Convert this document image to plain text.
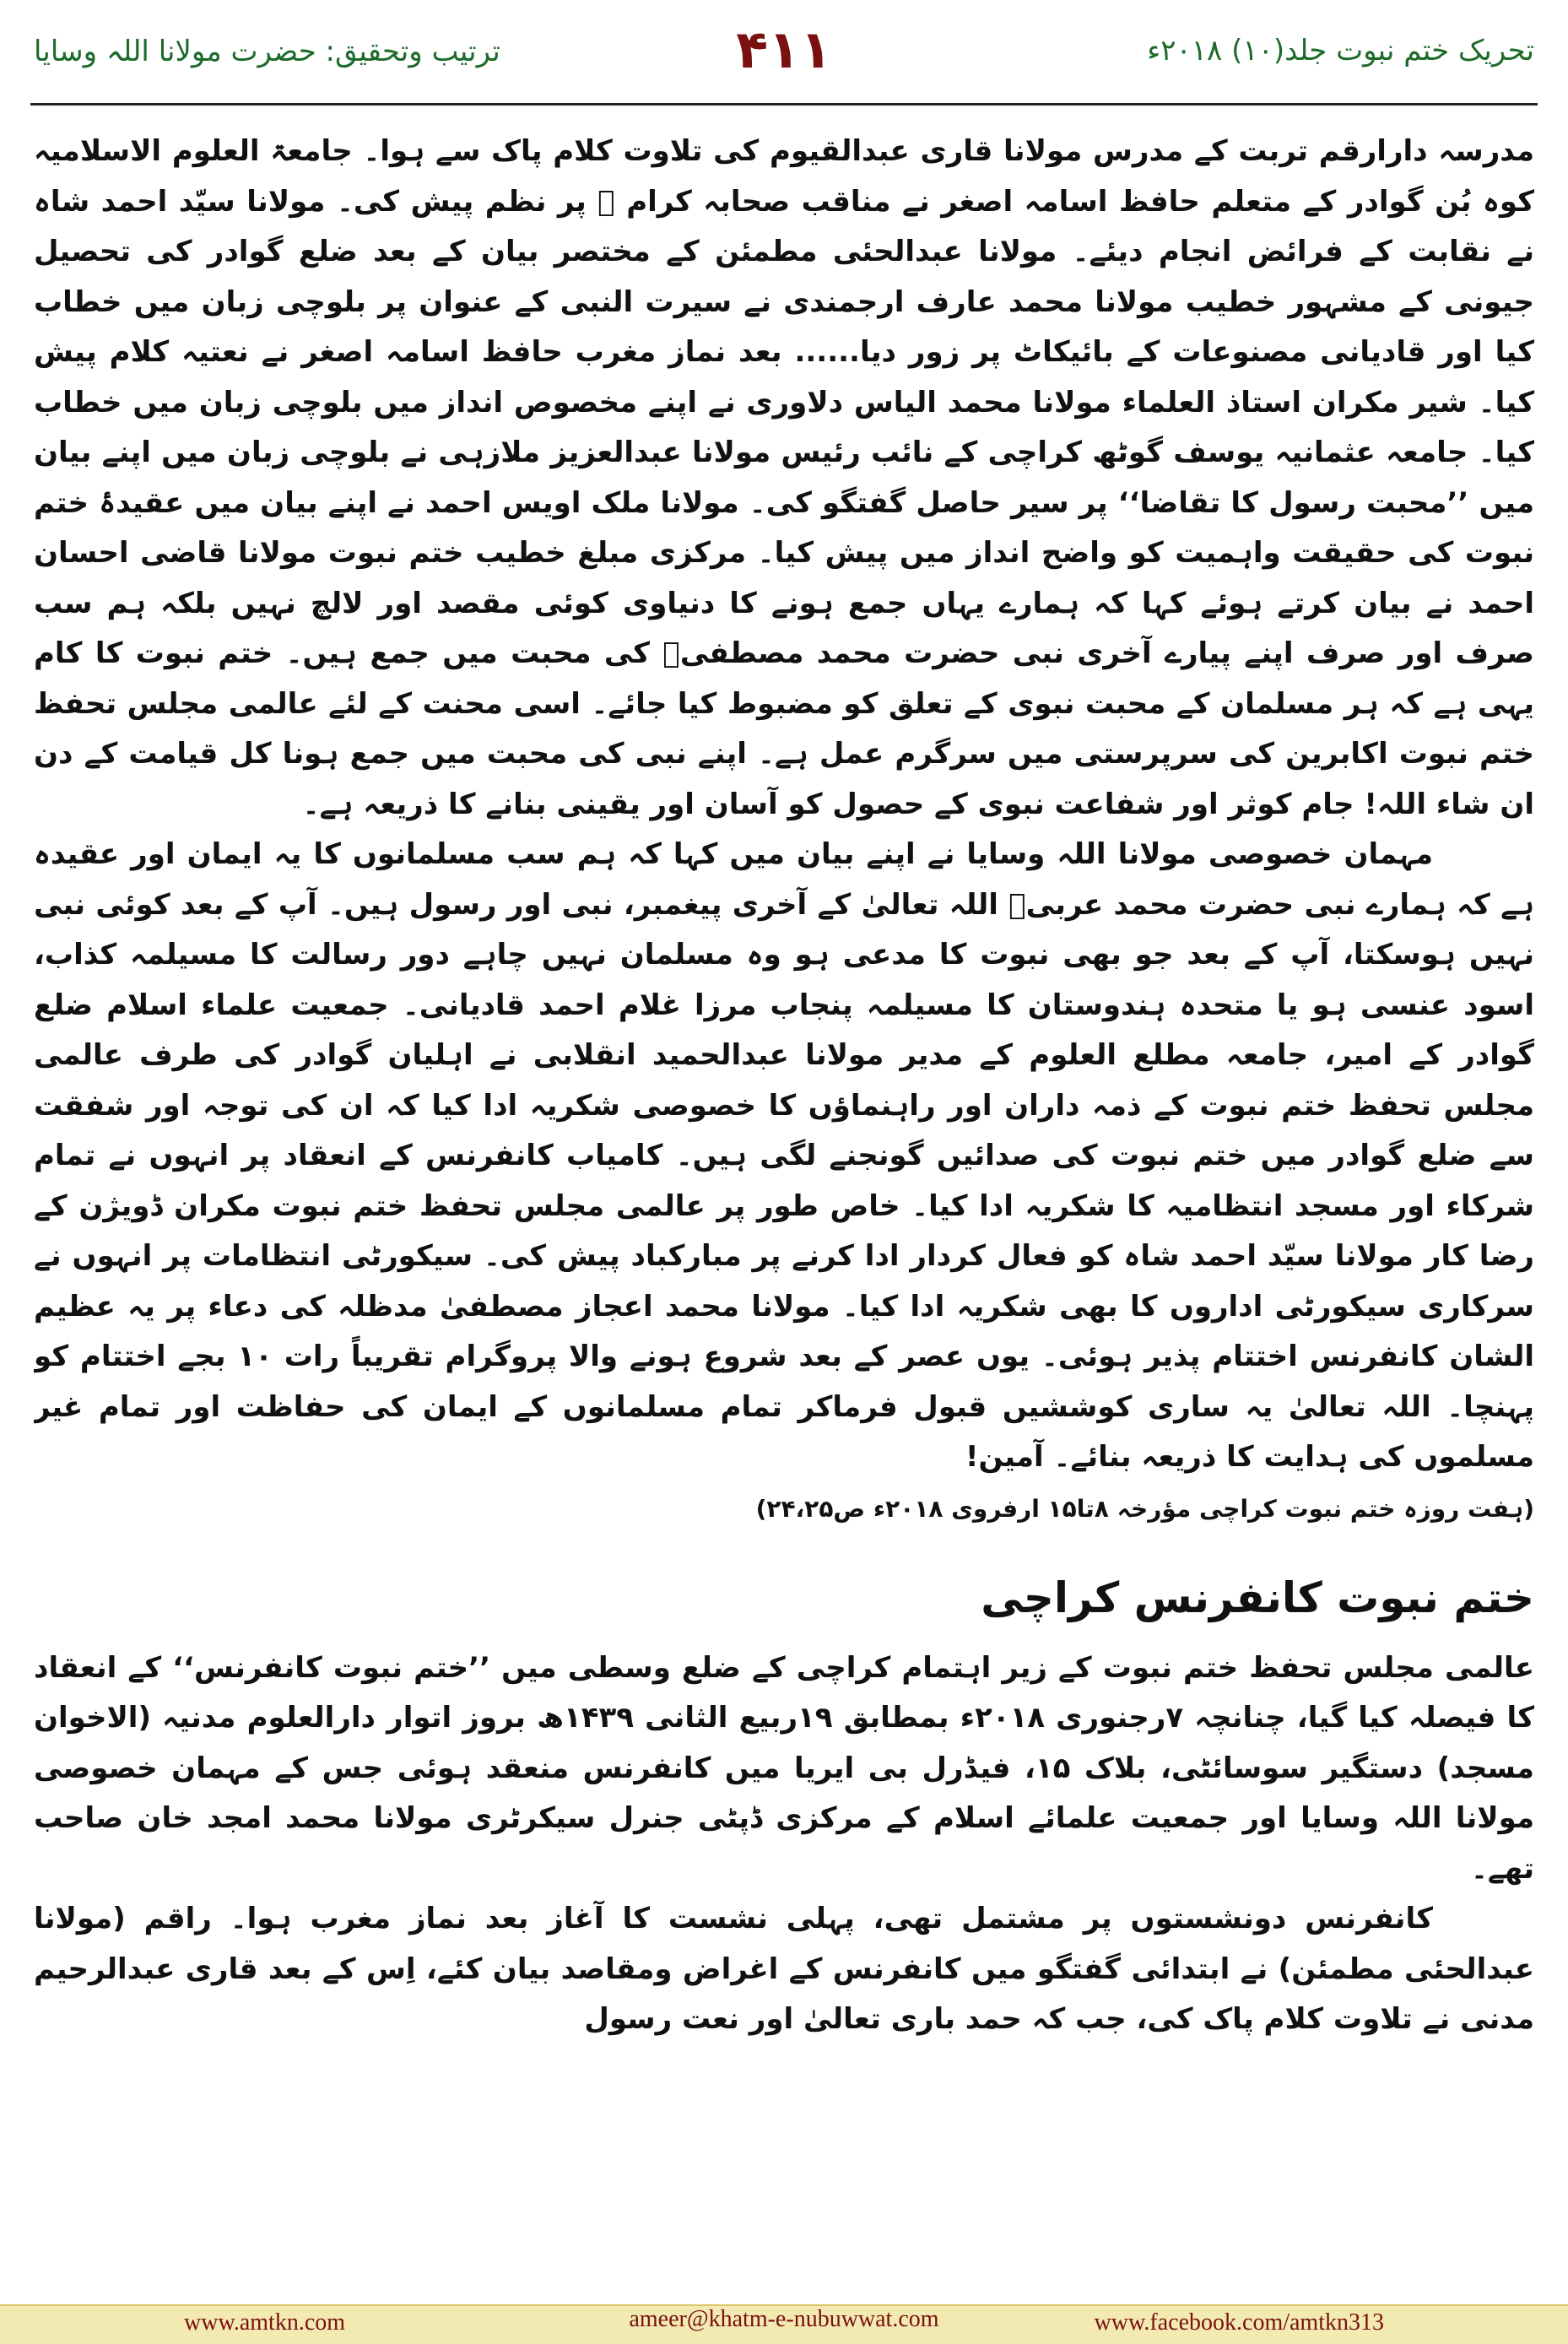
ترتیب وتحقیق: حضرت مولانا اللہ وسایا	۴۱۱	تحریک ختم نبوت جلد(۱۰) ۲۰۱۸ء

مدرسہ دارارقم تربت کے مدرس مولانا قاری عبدالقیوم کی تلاوت کلام پاک سے ہوا۔ جامعۃ العلوم الاسلامیہ کوہ بُن گوادر کے متعلم حافظ اسامہ اصغر نے مناقب صحابہ کرام ؓ پر نظم پیش کی۔ مولانا سیّد احمد شاہ نے نقابت کے فرائض انجام دیئے۔ مولانا عبدالحئی مطمئن کے مختصر بیان کے بعد ضلع گوادر کی تحصیل جیونی کے مشہور خطیب مولانا محمد عارف ارجمندی نے سیرت النبی کے عنوان پر بلوچی زبان میں خطاب کیا اور قادیانی مصنوعات کے بائیکاٹ پر زور دیا...... بعد نماز مغرب حافظ اسامہ اصغر نے نعتیہ کلام پیش کیا۔ شیر مکران استاذ العلماء مولانا محمد الیاس دلاوری نے اپنے مخصوص انداز میں بلوچی زبان میں خطاب کیا۔ جامعہ عثمانیہ یوسف گوٹھ کراچی کے نائب رئیس مولانا عبدالعزیز ملازہی نے بلوچی زبان میں اپنے بیان میں ’’محبت رسول کا تقاضا‘‘ پر سیر حاصل گفتگو کی۔ مولانا ملک اویس احمد نے اپنے بیان میں عقیدۂ ختم نبوت کی حقیقت واہمیت کو واضح انداز میں پیش کیا۔ مرکزی مبلغ خطیب ختم نبوت مولانا قاضی احسان احمد نے بیان کرتے ہوئے کہا کہ ہمارے یہاں جمع ہونے کا دنیاوی کوئی مقصد اور لالچ نہیں بلکہ ہم سب صرف اور صرف اپنے پیارے آخری نبی حضرت محمد مصطفیؐ کی محبت میں جمع ہیں۔ ختم نبوت کا کام یہی ہے کہ ہر مسلمان کے محبت نبوی کے تعلق کو مضبوط کیا جائے۔ اسی محنت کے لئے عالمی مجلس تحفظ ختم نبوت اکابرین کی سرپرستی میں سرگرم عمل ہے۔ اپنے نبی کی محبت میں جمع ہونا کل قیامت کے دن ان شاء اللہ! جام کوثر اور شفاعت نبوی کے حصول کو آسان اور یقینی بنانے کا ذریعہ ہے۔

مہمان خصوصی مولانا اللہ وسایا نے اپنے بیان میں کہا کہ ہم سب مسلمانوں کا یہ ایمان اور عقیدہ ہے کہ ہمارے نبی حضرت محمد عربیؐ اللہ تعالیٰ کے آخری پیغمبر، نبی اور رسول ہیں۔ آپ کے بعد کوئی نبی نہیں ہوسکتا، آپ کے بعد جو بھی نبوت کا مدعی ہو وہ مسلمان نہیں چاہے دور رسالت کا مسیلمہ کذاب، اسود عنسی ہو یا متحدہ ہندوستان کا مسیلمہ پنجاب مرزا غلام احمد قادیانی۔ جمعیت علماء اسلام ضلع گوادر کے امیر، جامعہ مطلع العلوم کے مدیر مولانا عبدالحمید انقلابی نے اہلیان گوادر کی طرف عالمی مجلس تحفظ ختم نبوت کے ذمہ داران اور راہنماؤں کا خصوصی شکریہ ادا کیا کہ ان کی توجہ اور شفقت سے ضلع گوادر میں ختم نبوت کی صدائیں گونجنے لگی ہیں۔ کامیاب کانفرنس کے انعقاد پر انہوں نے تمام شرکاء اور مسجد انتظامیہ کا شکریہ ادا کیا۔ خاص طور پر عالمی مجلس تحفظ ختم نبوت مکران ڈویژن کے رضا کار مولانا سیّد احمد شاہ کو فعال کردار ادا کرنے پر مبارکباد پیش کی۔ سیکورٹی انتظامات پر انہوں نے سرکاری سیکورٹی اداروں کا بھی شکریہ ادا کیا۔ مولانا محمد اعجاز مصطفیٰ مدظلہ کی دعاء پر یہ عظیم الشان کانفرنس اختتام پذیر ہوئی۔ یوں عصر کے بعد شروع ہونے والا پروگرام تقریباً رات ۱۰ بجے اختتام کو پہنچا۔ اللہ تعالیٰ یہ ساری کوششیں قبول فرماکر تمام مسلمانوں کے ایمان کی حفاظت اور تمام غیر مسلموں کی ہدایت کا ذریعہ بنائے۔ آمین!

(ہفت روزہ ختم نبوت کراچی مؤرخہ ۸تا۱۵ ارفروی ۲۰۱۸ء ص۲۴،۲۵)

ختم نبوت کانفرنس کراچی

عالمی مجلس تحفظ ختم نبوت کے زیر اہتمام کراچی کے ضلع وسطی میں ’’ختم نبوت کانفرنس‘‘ کے انعقاد کا فیصلہ کیا گیا، چنانچہ ۷رجنوری ۲۰۱۸ء بمطابق ۱۹ربیع الثانی ۱۴۳۹ھ بروز اتوار دارالعلوم مدنیہ (الاخوان مسجد) دستگیر سوسائٹی، بلاک ۱۵، فیڈرل بی ایریا میں کانفرنس منعقد ہوئی جس کے مہمان خصوصی مولانا اللہ وسایا اور جمعیت علمائے اسلام کے مرکزی ڈپٹی جنرل سیکرٹری مولانا محمد امجد خان صاحب تھے۔

کانفرنس دونشستوں پر مشتمل تھی، پہلی نشست کا آغاز بعد نماز مغرب ہوا۔ راقم (مولانا عبدالحئی مطمئن) نے ابتدائی گفتگو میں کانفرنس کے اغراض ومقاصد بیان کئے، اِس کے بعد قاری عبدالرحیم مدنی نے تلاوت کلام پاک کی، جب کہ حمد باری تعالیٰ اور نعت رسول

www.amtkn.com	ameer@khatm-e-nubuwwat.com	www.facebook.com/amtkn313
